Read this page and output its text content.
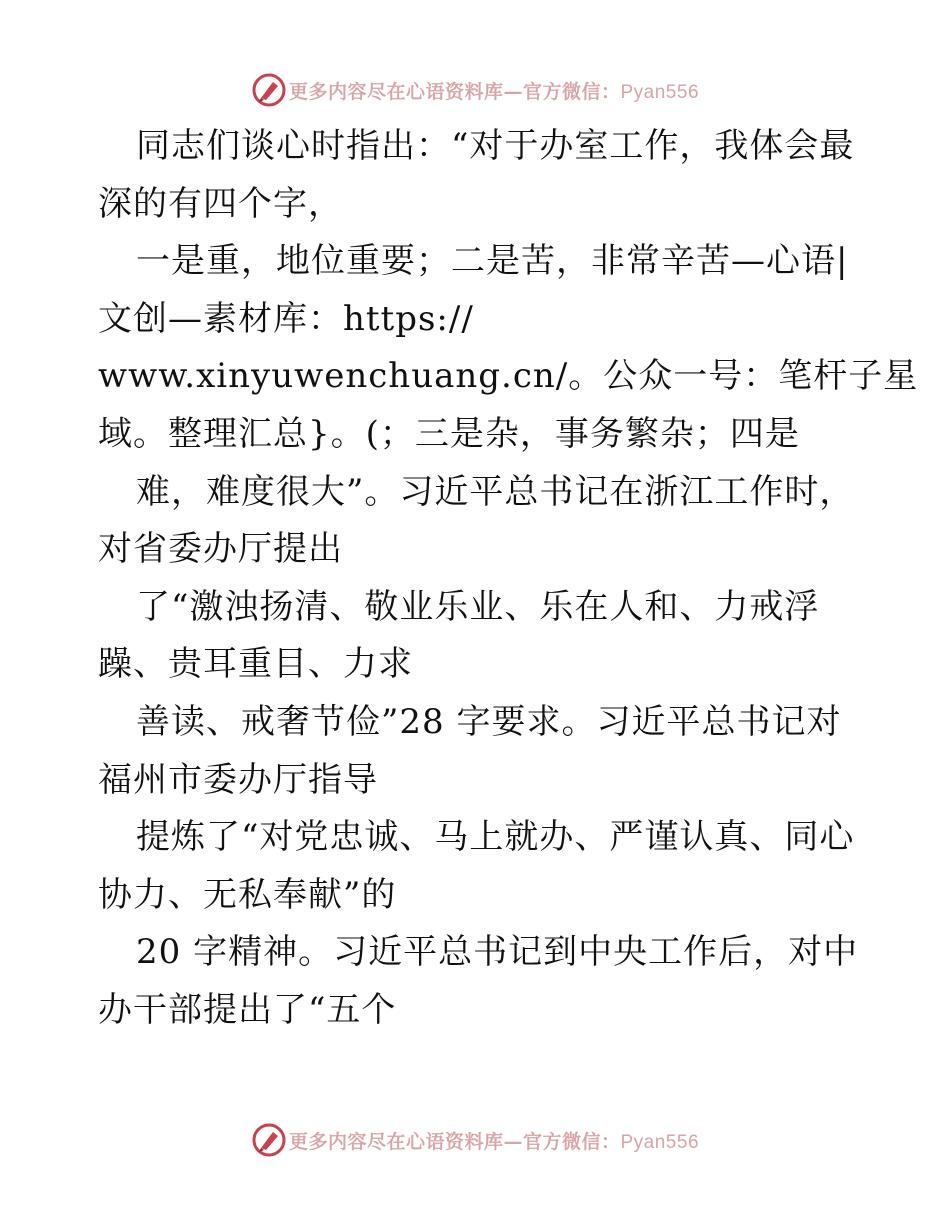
更多内容尽在心语资料库—官方微信：Pyan556
同志们谈心时指出：“对于办室工作，我体会最
深的有四个字，
一是重，地位重要；二是苦，非常辛苦—心语|
文创—素材库：https://
www.xinyuwenchuang.cn/。公众一号：笔杆子星
域。整理汇总}。(；三是杂，事务繁杂；四是
难，难度很大”。习近平总书记在浙江工作时，
对省委办厅提出
了“激浊扬清、敬业乐业、乐在人和、力戒浮
躁、贵耳重目、力求
善读、戒奢节俭”28 字要求。习近平总书记对
福州市委办厅指导
提炼了“对党忠诚、马上就办、严谨认真、同心
协力、无私奉献”的
20 字精神。习近平总书记到中央工作后，对中
办干部提出了“五个
更多内容尽在心语资料库—官方微信：Pyan556
